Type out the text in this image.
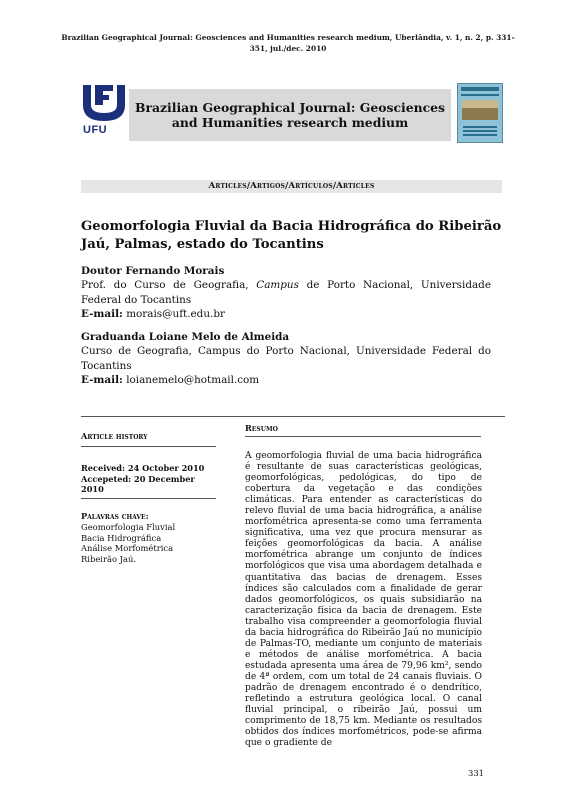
Brazilian Geographical Journal: Geosciences and Humanities research medium, Uberlândia, v. 1, n. 2, p. 331-351, jul./dec. 2010
UFU
Brazilian Geographical Journal: Geosciences and Humanities research medium
Articles/Artigos/Artículos/Articles
Geomorfologia Fluvial da Bacia Hidrográfica do Ribeirão Jaú, Palmas, estado do Tocantins
Doutor Fernando Morais
Prof. do Curso de Geografia, Campus de Porto Nacional, Universidade Federal do Tocantins
E-mail: morais@uft.edu.br
Graduanda Loiane Melo de Almeida
Curso de Geografia, Campus do Porto Nacional, Universidade Federal do Tocantins
E-mail: loianemelo@hotmail.com
Article history
Received: 24 October 2010
Accepeted: 20 December 2010
Palavras chave:
Geomorfologia Fluvial
Bacia Hidrográfica
Análise Morfométrica
Ribeirão Jaú.
Resumo
A geomorfologia fluvial de uma bacia hidrográfica é resultante de suas características geológicas, geomorfológicas, pedológicas, do tipo de cobertura da vegetação e das condições climáticas. Para entender as características do relevo fluvial de uma bacia hidrográfica, a análise morfométrica apresenta-se como uma ferramenta significativa, uma vez que procura mensurar as feições geomorfológicas da bacia. A análise morfométrica abrange um conjunto de índices morfológicos que visa uma abordagem detalhada e quantitativa das bacias de drenagem. Esses índices são calculados com a finalidade de gerar dados geomorfológicos, os quais subsidiarão na caracterização física da bacia de drenagem. Este trabalho visa compreender a geomorfologia fluvial da bacia hidrográfica do Ribeirão Jaú no município de Palmas-TO, mediante um conjunto de materiais e métodos de análise morfométrica. A bacia estudada apresenta uma área de 79,96 km², sendo de 4ª ordem, com um total de 24 canais fluviais. O padrão de drenagem encontrado é o dendrítico, refletindo a estrutura geológica local. O canal fluvial principal, o ribeirão Jaú, possui um comprimento de 18,75 km. Mediante os resultados obtidos dos índices morfométricos, pode-se afirma que o gradiente de
331
